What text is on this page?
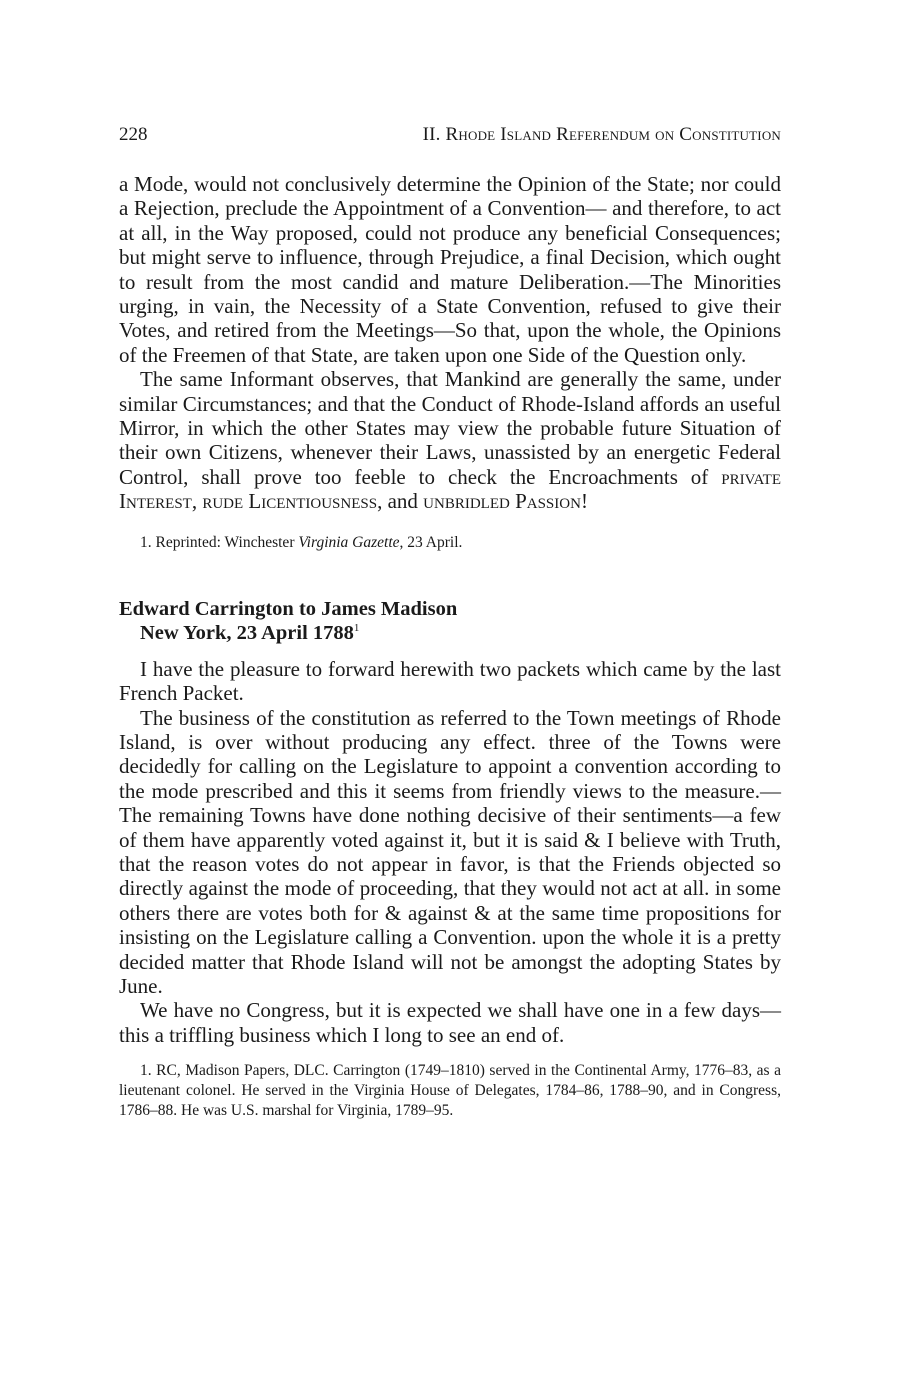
228	II. Rhode Island Referendum on Constitution

a Mode, would not conclusively determine the Opinion of the State; nor could a Rejection, preclude the Appointment of a Convention— and therefore, to act at all, in the Way proposed, could not produce any beneficial Consequences; but might serve to influence, through Prejudice, a final Decision, which ought to result from the most candid and mature Deliberation.—The Minorities urging, in vain, the Necessity of a State Convention, refused to give their Votes, and retired from the Meetings—So that, upon the whole, the Opinions of the Freemen of that State, are taken upon one Side of the Question only.

The same Informant observes, that Mankind are generally the same, under similar Circumstances; and that the Conduct of Rhode-Island affords an useful Mirror, in which the other States may view the probable future Situation of their own Citizens, whenever their Laws, unassisted by an energetic Federal Control, shall prove too feeble to check the Encroachments of private Interest, rude Licentiousness, and unbridled Passion!

1. Reprinted: Winchester Virginia Gazette, 23 April.

Edward Carrington to James Madison
New York, 23 April 1788$^1$

I have the pleasure to forward herewith two packets which came by the last French Packet.

The business of the constitution as referred to the Town meetings of Rhode Island, is over without producing any effect. three of the Towns were decidedly for calling on the Legislature to appoint a convention according to the mode prescribed and this it seems from friendly views to the measure.—The remaining Towns have done nothing decisive of their sentiments—a few of them have apparently voted against it, but it is said & I believe with Truth, that the reason votes do not appear in favor, is that the Friends objected so directly against the mode of proceeding, that they would not act at all. in some others there are votes both for & against & at the same time propositions for insisting on the Legislature calling a Convention. upon the whole it is a pretty decided matter that Rhode Island will not be amongst the adopting States by June.

We have no Congress, but it is expected we shall have one in a few days—this a triffling business which I long to see an end of.

1. RC, Madison Papers, DLC. Carrington (1749–1810) served in the Continental Army, 1776–83, as a lieutenant colonel. He served in the Virginia House of Delegates, 1784–86, 1788–90, and in Congress, 1786–88. He was U.S. marshal for Virginia, 1789–95.
